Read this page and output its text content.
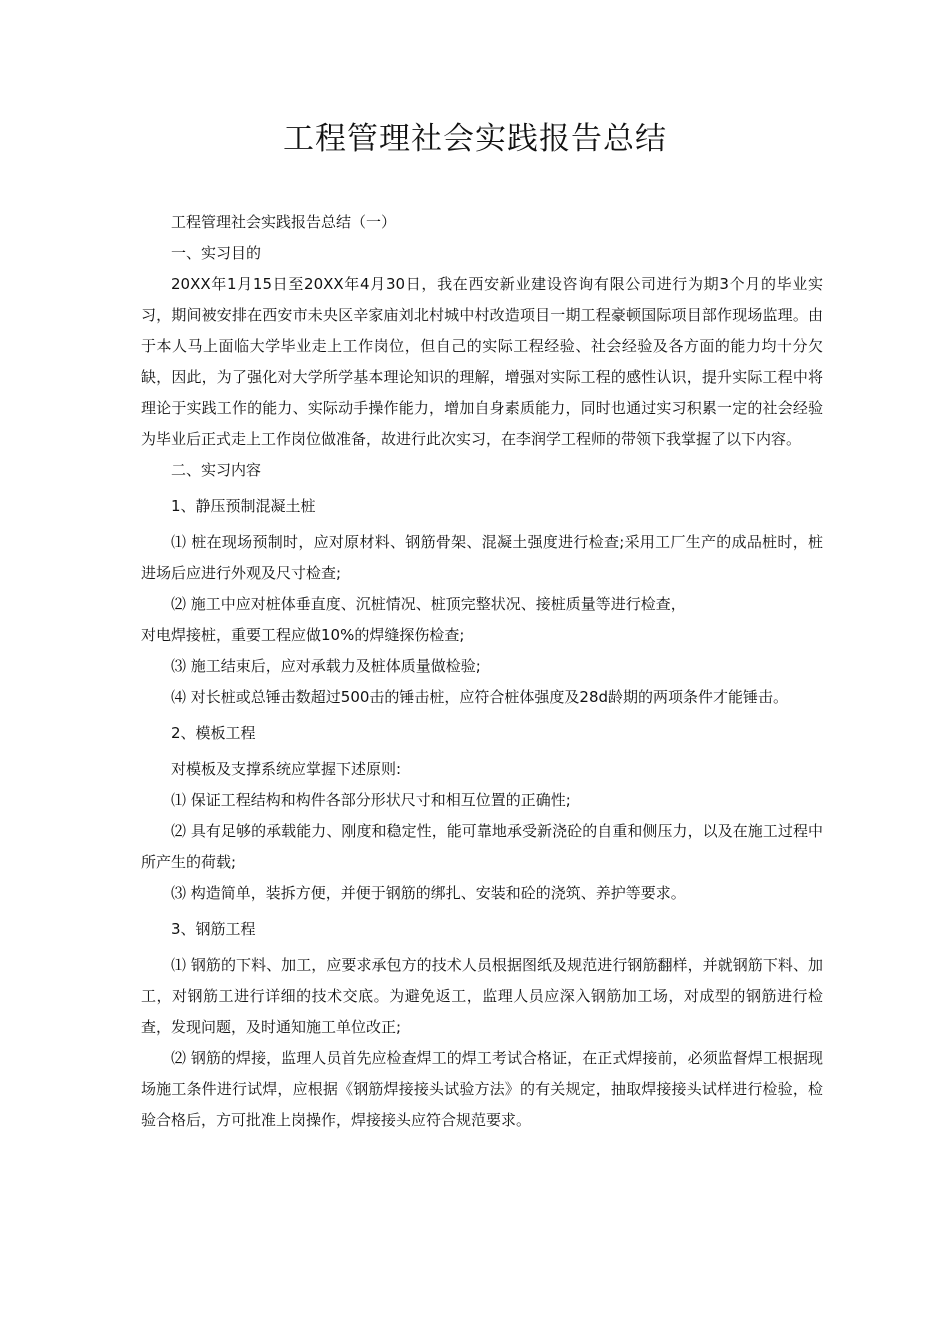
工程管理社会实践报告总结

工程管理社会实践报告总结（一）

一、实习目的

20XX年1月15日至20XX年4月30日，我在西安新业建设咨询有限公司进行为期3个月的毕业实习，期间被安排在西安市未央区辛家庙刘北村城中村改造项目一期工程豪顿国际项目部作现场监理。由于本人马上面临大学毕业走上工作岗位，但自己的实际工程经验、社会经验及各方面的能力均十分欠缺，因此，为了强化对大学所学基本理论知识的理解，增强对实际工程的感性认识，提升实际工程中将理论于实践工作的能力、实际动手操作能力，增加自身素质能力，同时也通过实习积累一定的社会经验为毕业后正式走上工作岗位做准备，故进行此次实习，在李润学工程师的带领下我掌握了以下内容。

二、实习内容

1、静压预制混凝土桩

⑴ 桩在现场预制时，应对原材料、钢筋骨架、混凝土强度进行检查;采用工厂生产的成品桩时，桩进场后应进行外观及尺寸检查;

⑵ 施工中应对桩体垂直度、沉桩情况、桩顶完整状况、接桩质量等进行检查，

对电焊接桩，重要工程应做10%的焊缝探伤检查;

⑶ 施工结束后，应对承载力及桩体质量做检验;

⑷ 对长桩或总锤击数超过500击的锤击桩，应符合桩体强度及28d龄期的两项条件才能锤击。

2、模板工程

对模板及支撑系统应掌握下述原则:

⑴ 保证工程结构和构件各部分形状尺寸和相互位置的正确性;

⑵ 具有足够的承载能力、刚度和稳定性，能可靠地承受新浇砼的自重和侧压力，以及在施工过程中所产生的荷载;

⑶ 构造简单，装拆方便，并便于钢筋的绑扎、安装和砼的浇筑、养护等要求。

3、钢筋工程

⑴ 钢筋的下料、加工，应要求承包方的技术人员根据图纸及规范进行钢筋翻样，并就钢筋下料、加工，对钢筋工进行详细的技术交底。为避免返工，监理人员应深入钢筋加工场，对成型的钢筋进行检查，发现问题，及时通知施工单位改正;

⑵ 钢筋的焊接，监理人员首先应检查焊工的焊工考试合格证，在正式焊接前，必须监督焊工根据现场施工条件进行试焊，应根据《钢筋焊接接头试验方法》的有关规定，抽取焊接接头试样进行检验，检验合格后，方可批准上岗操作，焊接接头应符合规范要求。
